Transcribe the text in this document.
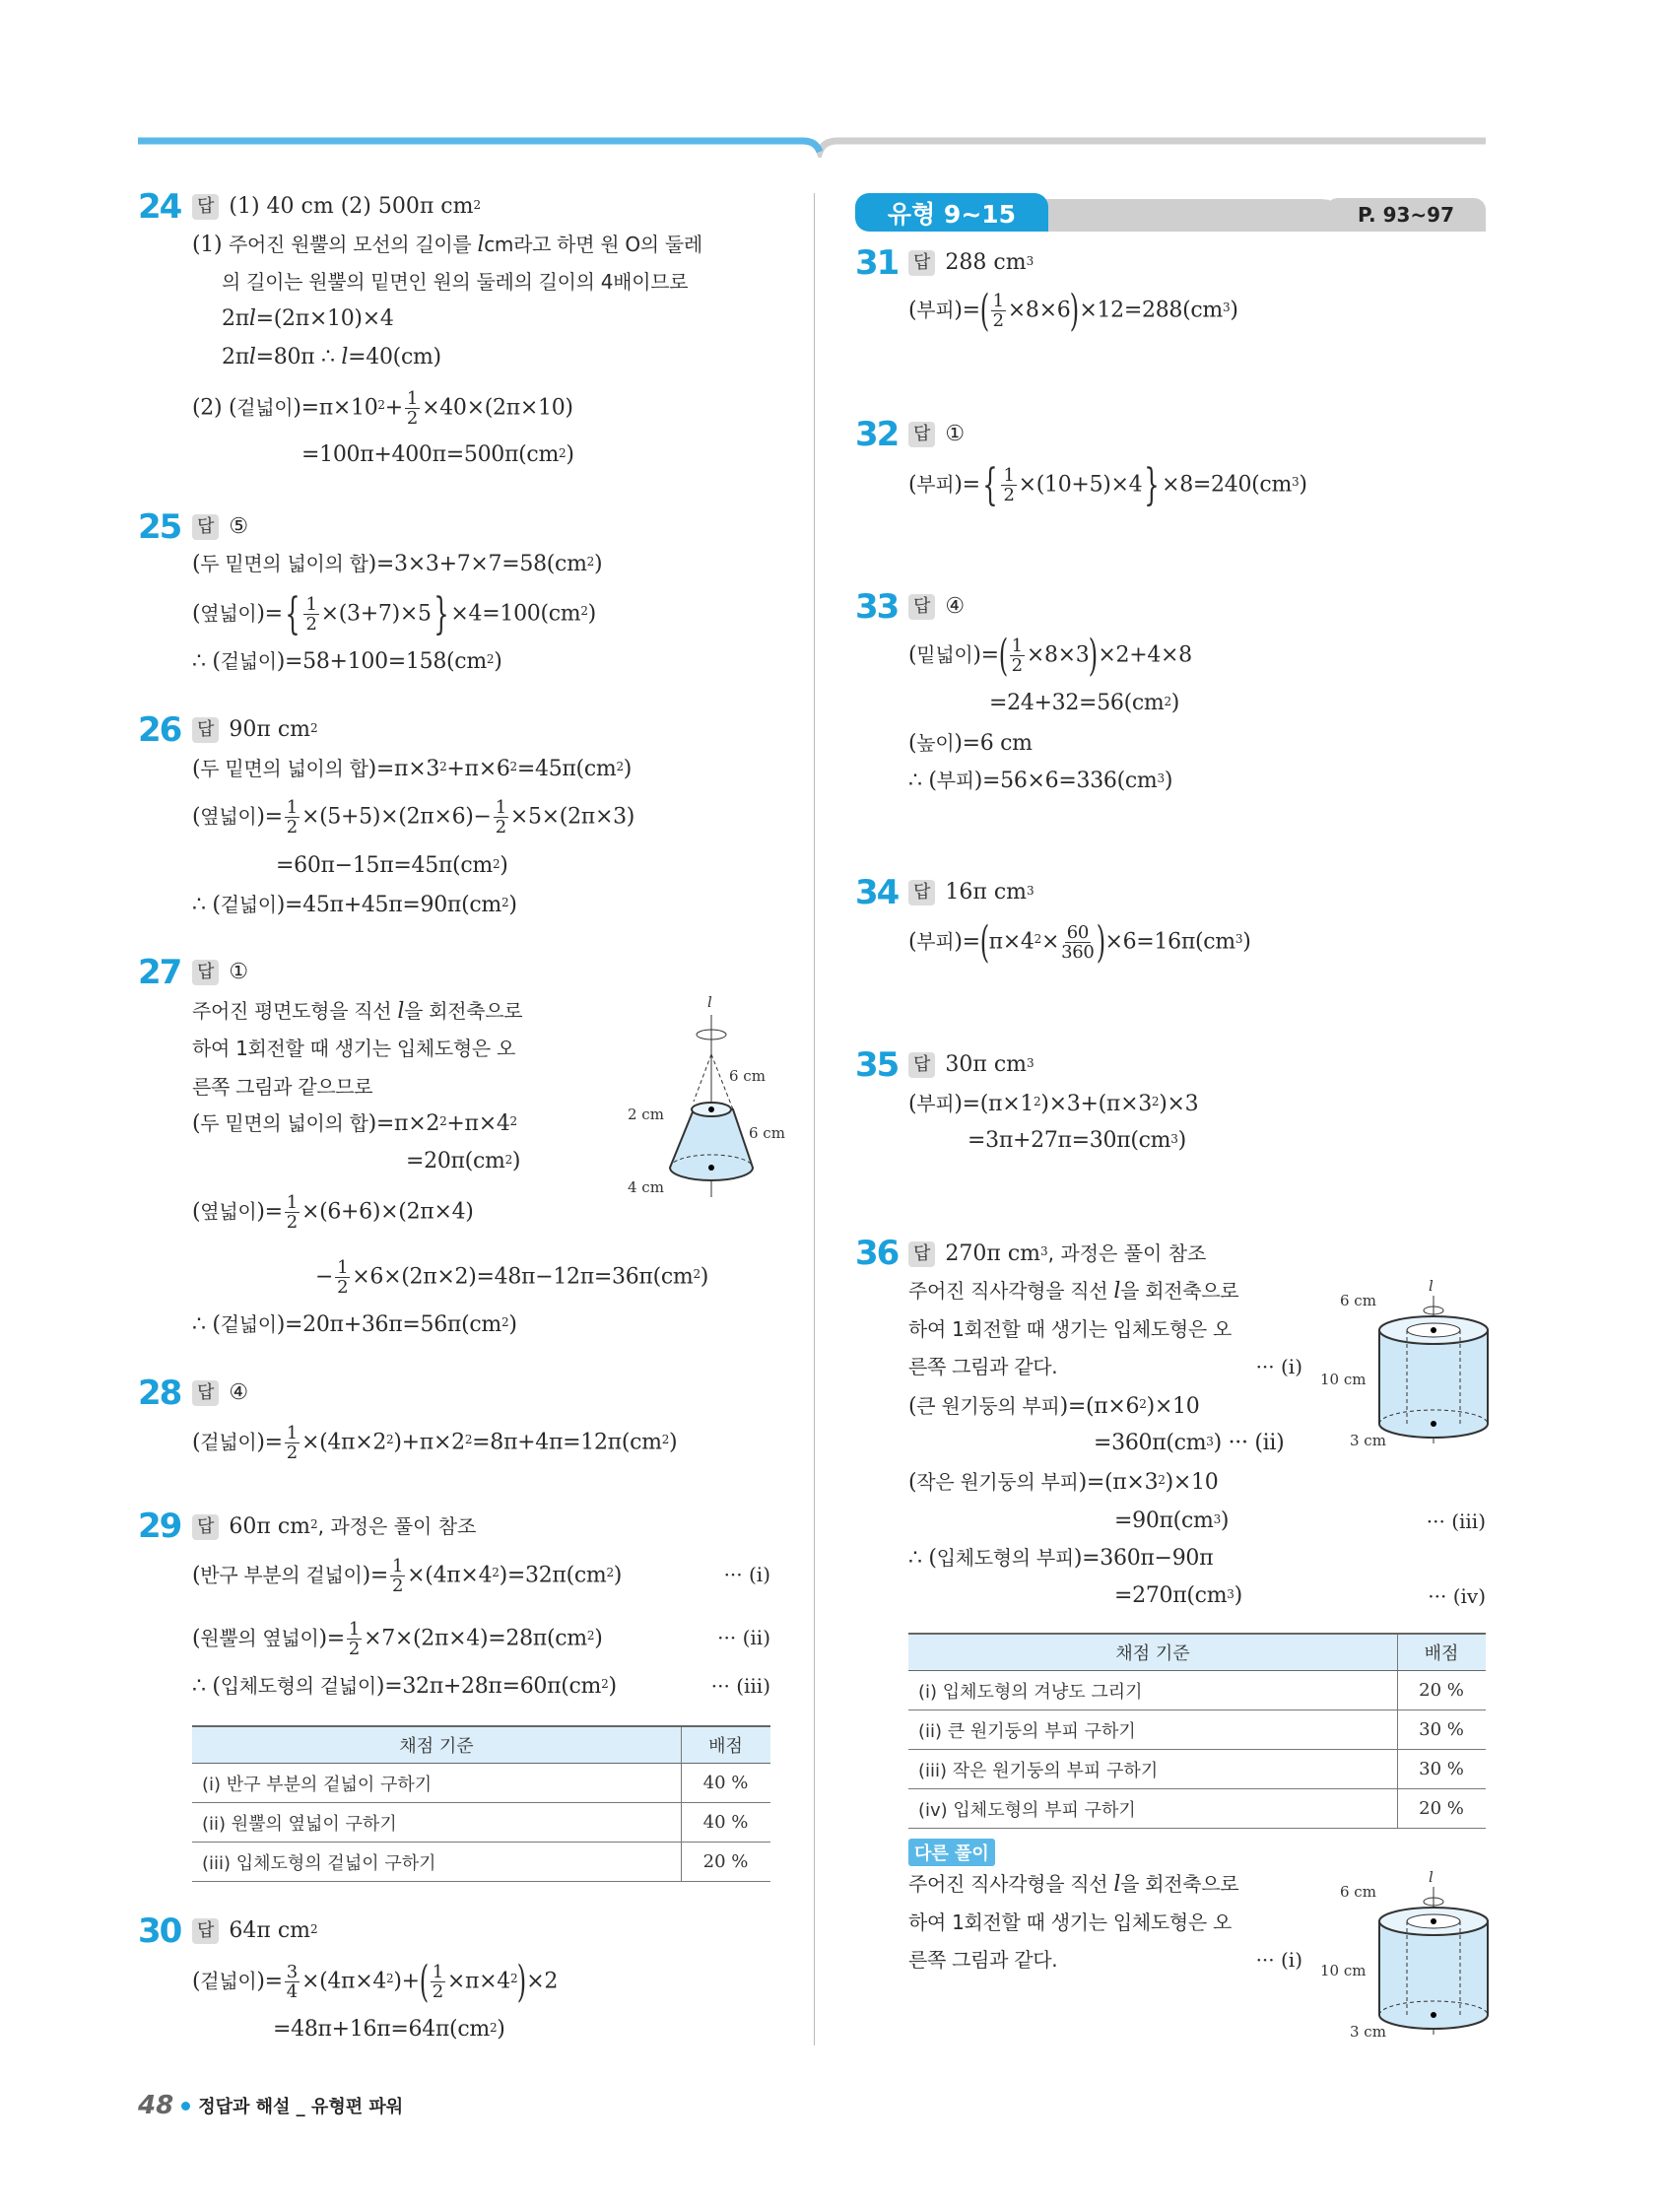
유형 9~15	P. 93~97
24 답 (1) 40 cm (2) 500π $cm^2$
(1) 주어진 원뿔의 모선의 길이를 lcm라고 하면 원 O의 둘레
의 길이는 원뿔의 밑면인 원의 둘레의 길이의 4배이므로
2πl=(2π×10)×4
2πl=80π ∴ l=40(cm)
(2) (겉넓이)$=\pi\times 10^2+ \frac{1}{2} \times 40\times(2\pi\times 10)$
$=100\pi+400\pi=500\pi(cm^2)$
25 답 ⑤
(두 밑면의 넓이의 합)$=3\times 3+7\times 7=58(cm^2)$
(옆넓이)={ $\frac{1}{2} \times(3+7)\times 5\} \times 4=100(cm^2)$
∴ (겉넓이)$=58+100=158(cm^2)$
26 답 90π $cm^2$
(두 밑면의 넓이의 합)$=\pi\times 3^2+\pi\times 6^2=45\pi(cm^2)$
(옆넓이)= $\frac{1}{2} \times(5+5)\times(2\pi\times 6)- \frac{1}{2} \times 5\times(2\pi\times 3)$
$=60\pi-15\pi=45\pi(cm^2)$
∴ (겉넓이)$=45\pi+45\pi=90\pi(cm^2)$
27 답 ①
주어진 평면도형을 직선 l을 회전축으로
하여 1회전할 때 생기는 입체도형은 오
른쪽 그림과 같으므로
(두 밑면의 넓이의 합)$=\pi\times 2^2+\pi\times 4^2$
$=20\pi(cm^2)$
(옆넓이)= $\frac{1}{2} \times(6+6)\times(2\pi\times 4)$
− $\frac{1}{2} \times 6\times(2\pi\times 2)=48\pi-12\pi=36\pi(cm^2)$
∴ (겉넓이)$=20\pi+36\pi=56\pi(cm^2)$
l
6 cm
6 cm
2 cm
4 cm
28 답 ④
(겉넓이)= $\frac{1}{2} \times(4\pi\times 2^2)+\pi\times 2^2=8\pi+4\pi=12\pi(cm^2)$
29 답 60π $cm^2$, 과정은 풀이 참조
(반구 부분의 겉넓이)= $\frac{1}{2} \times(4\pi\times 4^2)=32\pi(cm^2)$	··· (i)
(원뿔의 옆넓이)= $\frac{1}{2} \times 7\times(2\pi\times 4)=28\pi(cm^2)$	··· (ii)
∴ (입체도형의 겉넓이)$=32\pi+28\pi=60\pi(cm^2)$	··· (iii)
채점 기준	배점
(i) 반구 부분의 겉넓이 구하기	40 %
(ii) 원뿔의 옆넓이 구하기	40 %
(iii) 입체도형의 겉넓이 구하기	20 %
30 답 64π $cm^2$
(겉넓이)= $\frac{3}{4} \times(4\pi\times 4^2)+( \frac{1}{2} \times\pi\times 4^2)\times 2$
$=48\pi+16\pi=64\pi(cm^2)$
31 답 288 $cm^3$
(부피)=( $\frac{1}{2} \times 8\times 6)\times 12=288(cm^3)$
32 답 ①
(부피)={ $\frac{1}{2} \times(10+5)\times 4\} \times 8=240(cm^3)$
33 답 ④
(밑넓이)=( $\frac{1}{2} \times 8\times 3)\times 2+4\times 8$
$=24+32=56(cm^2)$
(높이)=6 cm
∴ (부피)$=56\times 6=336(cm^3)$
34 답 16π $cm^3$
(부피)$=(\pi\times 4^2\times \frac{60}{360} )\times 6=16\pi(cm^3)$
35 답 30π $cm^3$
(부피)$=(\pi\times 1^2)\times 3+(\pi\times 3^2)\times 3$
$=3\pi+27\pi=30\pi(cm^3)$
36 답 270π $cm^3$, 과정은 풀이 참조
주어진 직사각형을 직선 l을 회전축으로
하여 1회전할 때 생기는 입체도형은 오
른쪽 그림과 같다.	··· (i)
(큰 원기둥의 부피)$=(\pi\times 6^2)\times 10$
$=360\pi(cm^3)$ ··· (ii)
(작은 원기둥의 부피)$=(\pi\times 3^2)\times 10$
$=90\pi(cm^3)$	··· (iii)
∴ (입체도형의 부피)=360π−90π
$=270\pi(cm^3)$	··· (iv)
l
6 cm
10 cm
3 cm
채점 기준	배점
(i) 입체도형의 겨냥도 그리기	20 %
(ii) 큰 원기둥의 부피 구하기	30 %
(iii) 작은 원기둥의 부피 구하기	30 %
(iv) 입체도형의 부피 구하기	20 %
다른 풀이
주어진 직사각형을 직선 l을 회전축으로
하여 1회전할 때 생기는 입체도형은 오
른쪽 그림과 같다.	··· (i)
l
6 cm
10 cm
3 cm
48 정답과 해설 _ 유형편 파워
